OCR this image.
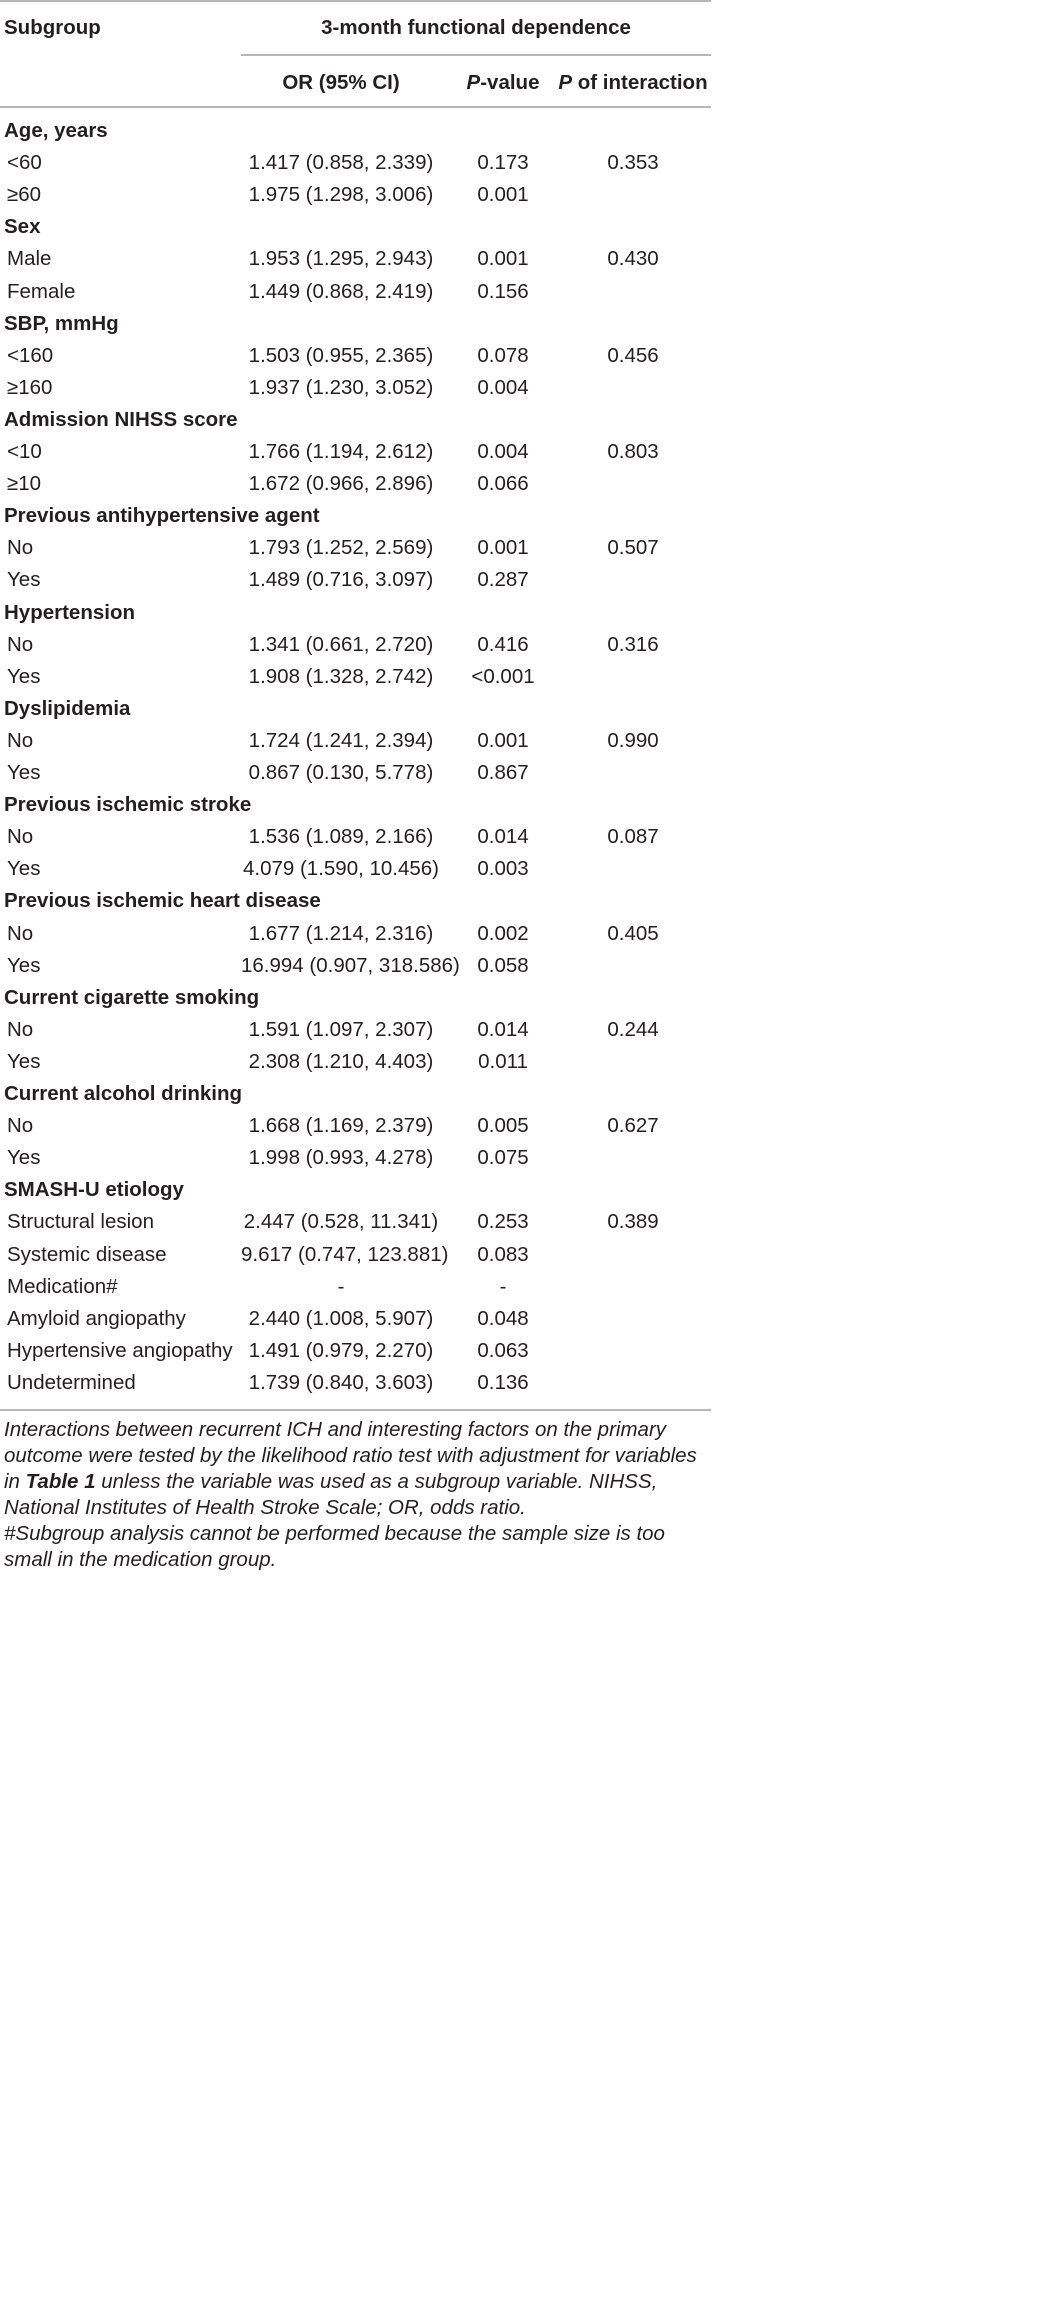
Subgroup	3-month functional dependence
OR (95% CI)	P-value P of interaction
Age, years
<60	1.417 (0.858, 2.339)	0.173	0.353
≥60	1.975 (1.298, 3.006)	0.001
Sex
Male	1.953 (1.295, 2.943)	0.001	0.430
Female	1.449 (0.868, 2.419)	0.156
SBP, mmHg
<160	1.503 (0.955, 2.365)	0.078	0.456
≥160	1.937 (1.230, 3.052)	0.004
Admission NIHSS score
<10	1.766 (1.194, 2.612)	0.004	0.803
≥10	1.672 (0.966, 2.896)	0.066
Previous antihypertensive agent
No	1.793 (1.252, 2.569)	0.001	0.507
Yes	1.489 (0.716, 3.097)	0.287
Hypertension
No	1.341 (0.661, 2.720)	0.416	0.316
Yes	1.908 (1.328, 2.742)	<0.001
Dyslipidemia
No	1.724 (1.241, 2.394)	0.001	0.990
Yes	0.867 (0.130, 5.778)	0.867
Previous ischemic stroke
No	1.536 (1.089, 2.166)	0.014	0.087
Yes	4.079 (1.590, 10.456)	0.003
Previous ischemic heart disease
No	1.677 (1.214, 2.316)	0.002	0.405
Yes	16.994 (0.907, 318.586) 0.058
Current cigarette smoking
No	1.591 (1.097, 2.307)	0.014	0.244
Yes	2.308 (1.210, 4.403)	0.011
Current alcohol drinking
No	1.668 (1.169, 2.379)	0.005	0.627
Yes	1.998 (0.993, 4.278)	0.075
SMASH-U etiology
Structural lesion	2.447 (0.528, 11.341)	0.253	0.389
Systemic disease	9.617 (0.747, 123.881)	0.083
Medication#	-	-
Amyloid angiopathy	2.440 (1.008, 5.907)	0.048
Hypertensive angiopathy 1.491 (0.979, 2.270)	0.063
Undetermined	1.739 (0.840, 3.603)	0.136

Interactions between recurrent ICH and interesting factors on the primary outcome were tested by the likelihood ratio test with adjustment for variables in Table 1 unless the variable was used as a subgroup variable. NIHSS, National Institutes of Health Stroke Scale; OR, odds ratio.

#Subgroup analysis cannot be performed because the sample size is too small in the medication group.
